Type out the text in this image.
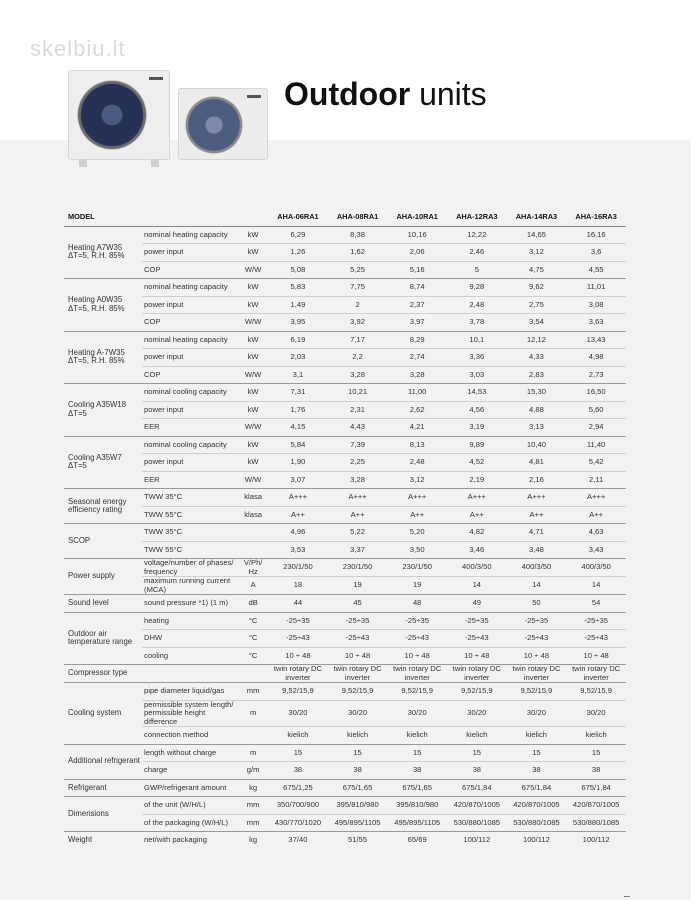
skelbiu.lt
Outdoor units
MODEL			AHA-06RA1	AHA-08RA1	AHA-10RA1	AHA-12RA3	AHA-14RA3	AHA-16RA3
Heating A7W35 ΔT=5, R.H. 85%	nominal heating capacity	kW	6,29	8,38	10,16	12,22	14,65	16,16
	power input	kW	1,26	1,62	2,06	2,46	3,12	3,6
	COP	W/W	5,08	5,25	5,16	5	4,75	4,55
Heating A0W35 ΔT=5, R.H. 85%	nominal heating capacity	kW	5,83	7,75	8,74	9,28	9,62	11,01
	power input	kW	1,49	2	2,37	2,48	2,75	3,08
	COP	W/W	3,95	3,92	3,97	3,78	3,54	3,63
Heating A-7W35 ΔT=5, R.H. 85%	nominal heating capacity	kW	6,19	7,17	8,29	10,1	12,12	13,43
	power input	kW	2,03	2,2	2,74	3,36	4,33	4,98
	COP	W/W	3,1	3,28	3,28	3,03	2,83	2,73
Cooling A35W18 ΔT=5	nominal cooling capacity	kW	7,31	10,21	11,00	14,53	15,30	16,50
	power input	kW	1,76	2,31	2,62	4,56	4,88	5,60
	EER	W/W	4,15	4,43	4,21	3,19	3,13	2,94
Cooling A35W7 ΔT=5	nominal cooling capacity	kW	5,84	7,39	8,13	9,89	10,40	11,40
	power input	kW	1,90	2,25	2,48	4,52	4,81	5,42
	EER	W/W	3,07	3,28	3,12	2,19	2,16	2,11
Seasonal energy efficiency rating	TWW 35°C	klasa	A+++	A+++	A+++	A+++	A+++	A+++
	TWW 55°C	klasa	A++	A++	A++	A++	A++	A++
SCOP	TWW 35°C		4,96	5,22	5,20	4,82	4,71	4,63
	TWW 55°C		3,53	3,37	3,50	3,46	3,48	3,43
Power supply	voltage/number of phases/ frequency	V/Ph/ Hz	230/1/50	230/1/50	230/1/50	400/3/50	400/3/50	400/3/50
	maximum running current (MCA)	A	18	19	19	14	14	14
Sound level	sound pressure *1) (1 m)	dB	44	45	48	49	50	54
Outdoor air temperature range	heating	°C	-25÷35	-25÷35	-25÷35	-25÷35	-25÷35	-25÷35
	DHW	°C	-25÷43	-25÷43	-25÷43	-25÷43	-25÷43	-25÷43
	cooling	°C	10 ÷ 48	10 ÷ 48	10 ÷ 48	10 ÷ 48	10 ÷ 48	10 ÷ 48
Compressor type			twin rotary DC inverter	twin rotary DC inverter	twin rotary DC inverter	twin rotary DC inverter	twin rotary DC inverter	twin rotary DC inverter
Cooling system	pipe diameter liquid/gas	mm	9,52/15,9	9,52/15,9	9,52/15,9	9,52/15,9	9,52/15,9	9,52/15,9
	permissible system length/ permissible height difference	m	30/20	30/20	30/20	30/20	30/20	30/20
	connection method		kielich	kielich	kielich	kielich	kielich	kielich
Additional refrigerant	length without charge	m	15	15	15	15	15	15
	charge	g/m	38	38	38	38	38	38
Refrigerant	GWP/refrigerant amount	kg	675/1,25	675/1,65	675/1,65	675/1,84	675/1,84	675/1,84
Dimensions	of the unit (W/H/L)	mm	350/700/900	395/810/980	395/810/980	420/870/1005	420/870/1005	420/870/1005
	of the packaging (W/H/L)	mm	430/770/1020	495/895/1105	495/895/1105	530/880/1085	530/880/1085	530/880/1085
Weight	net/with packaging	kg	37/40	51/55	65/69	100/112	100/112	100/112
